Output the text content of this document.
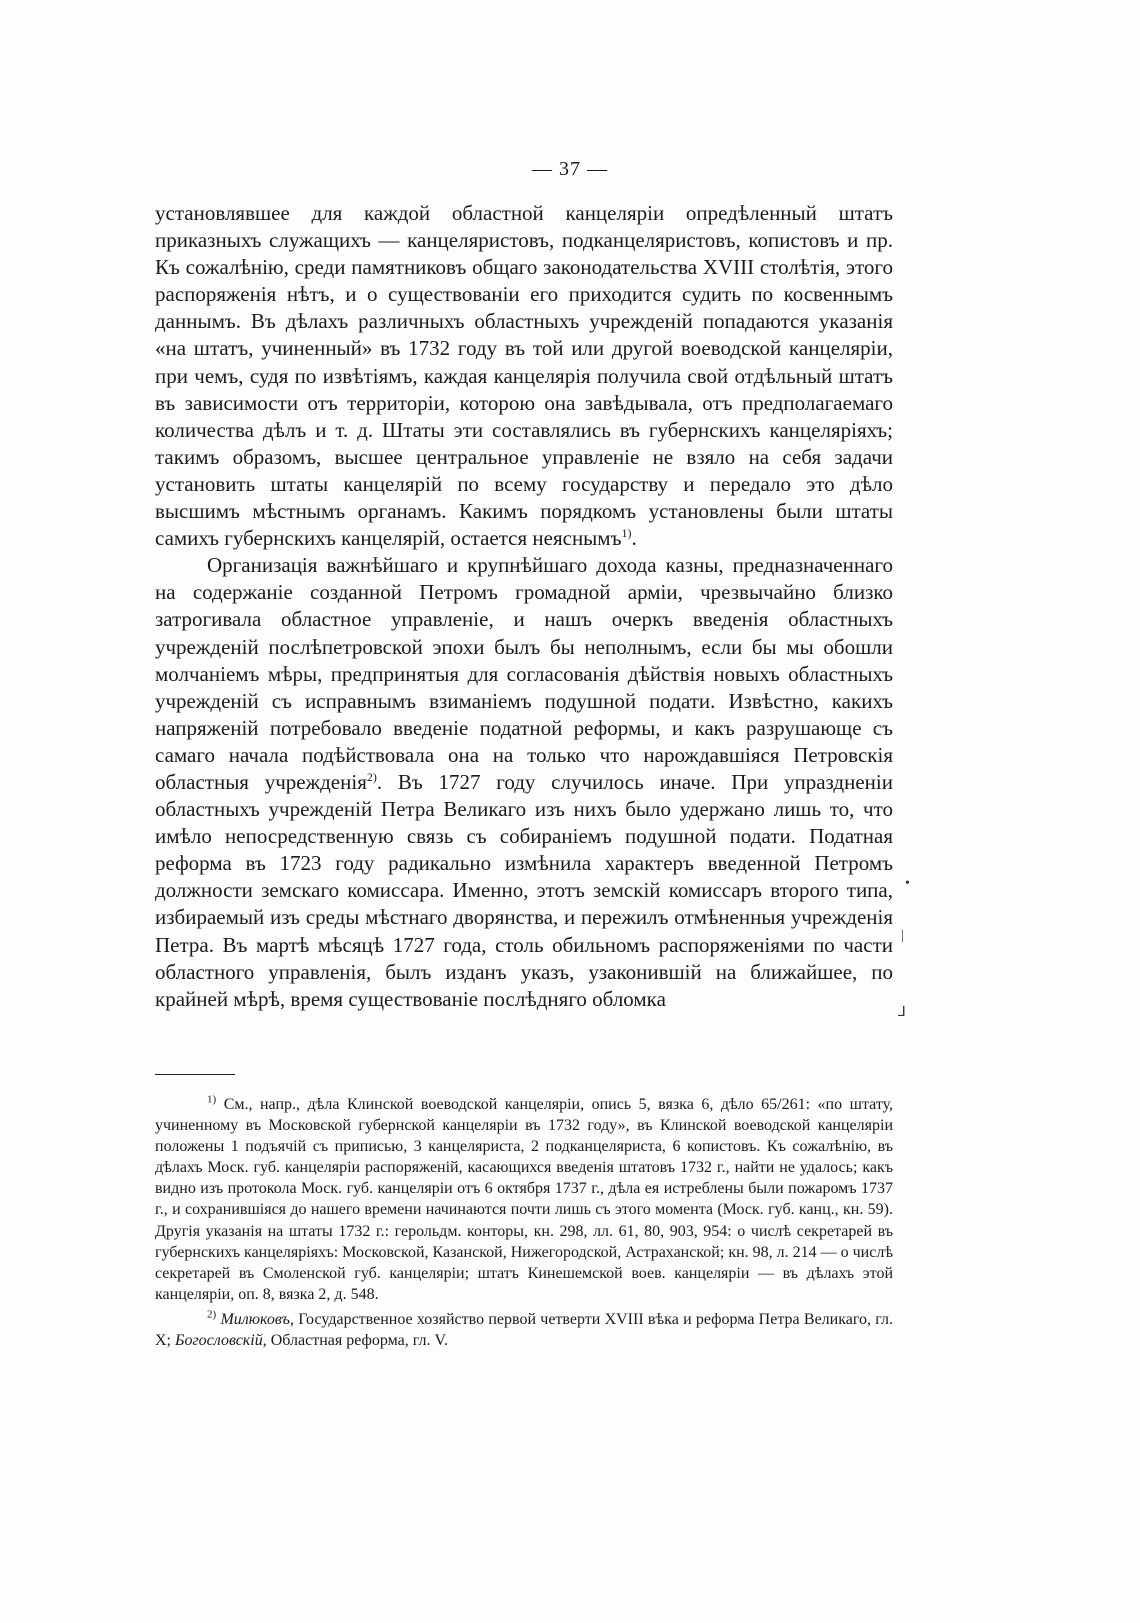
— 37 —

установлявшее для каждой областной канцелярiи опредѣленный штатъ приказныхъ служащихъ — канцеляристовъ, подканцеляристовъ, копистовъ и пр. Къ сожалѣнiю, среди памятниковъ общаго законодательства XVIII столѣтiя, этого распоряженiя нѣтъ, и о существованiи его приходится судить по косвеннымъ даннымъ. Въ дѣлахъ различныхъ областныхъ учрежденiй попадаются указанiя «на штатъ, учиненный» въ 1732 году въ той или другой воеводской канцелярiи, при чемъ, судя по извѣтiямъ, каждая канцелярiя получила свой отдѣльный штатъ въ зависимости отъ территорiи, которою она завѣдывала, отъ предполагаемаго количества дѣлъ и т. д. Штаты эти составлялись въ губернскихъ канцелярiяхъ; такимъ образомъ, высшее центральное управленiе не взяло на себя задачи установить штаты канцелярiй по всему государству и передало это дѣло высшимъ мѣстнымъ органамъ. Какимъ порядкомъ установлены были штаты самихъ губернскихъ канцелярiй, остается неяснымъ$^{1)}$.

Организацiя важнѣйшаго и крупнѣйшаго дохода казны, предназначеннаго на содержанiе созданной Петромъ громадной армiи, чрезвычайно близко затрогивала областное управленiе, и нашъ очеркъ введенiя областныхъ учрежденiй послѣпетровской эпохи былъ бы неполнымъ, если бы мы обошли молчанiемъ мѣры, предпринятыя для согласованiя дѣйствiя новыхъ областныхъ учрежденiй съ исправнымъ взиманiемъ подушной подати. Извѣстно, какихъ напряженiй потребовало введенiе податной реформы, и какъ разрушающе съ самаго начала подѣйствовала она на только что нарождавшiяся Петровскiя областныя учрежденiя$^{2)}$. Въ 1727 году случилось иначе. При упраздненiи областныхъ учрежденiй Петра Великаго изъ нихъ было удержано лишь то, что имѣло непосредственную связь съ собиранiемъ подушной подати. Податная реформа въ 1723 году радикально измѣнила характеръ введенной Петромъ должности земскаго комиссара. Именно, этотъ земскiй комиссаръ второго типа, избираемый изъ среды мѣстнаго дворянства, и пережилъ отмѣненныя учрежденiя Петра. Въ мартѣ мѣсяцѣ 1727 года, столь обильномъ распоряженiями по части областного управленiя, былъ изданъ указъ, узаконившiй на ближайшее, по крайней мѣрѣ, время существованiе послѣдняго обломка

$^{1)}$ См., напр., дѣла Клинской воеводской канцелярiи, опись 5, вязка 6, дѣло 65/261: «по штату, учиненному въ Московской губернской канцелярiи въ 1732 году», въ Клинской воеводской канцелярiи положены 1 подъячiй съ приписью, 3 канцеляриста, 2 подканцеляриста, 6 копистовъ. Къ сожалѣнiю, въ дѣлахъ Моск. губ. канцелярiи распоряженiй, касающихся введенiя штатовъ 1732 г., найти не удалось; какъ видно изъ протокола Моск. губ. канцелярiи отъ 6 октября 1737 г., дѣла ея истреблены были пожаромъ 1737 г., и сохранившiяся до нашего времени начинаются почти лишь съ этого момента (Моск. губ. канц., кн. 59). Другiя указанiя на штаты 1732 г.: герольдм. конторы, кн. 298, лл. 61, 80, 903, 954: о числѣ секретарей въ губернскихъ канцелярiяхъ: Московской, Казанской, Нижегородской, Астраханской; кн. 98, л. 214 — о числѣ секретарей въ Смоленской губ. канцелярiи; штатъ Кинешемской воев. канцелярiи — въ дѣлахъ этой канцелярiи, оп. 8, вязка 2, д. 548.

$^{2)}$ Милюковъ, Государственное хозяйство первой четверти XVIII вѣка и реформа Петра Великаго, гл. X; Богословскiй, Областная реформа, гл. V.

•
|
⅃
